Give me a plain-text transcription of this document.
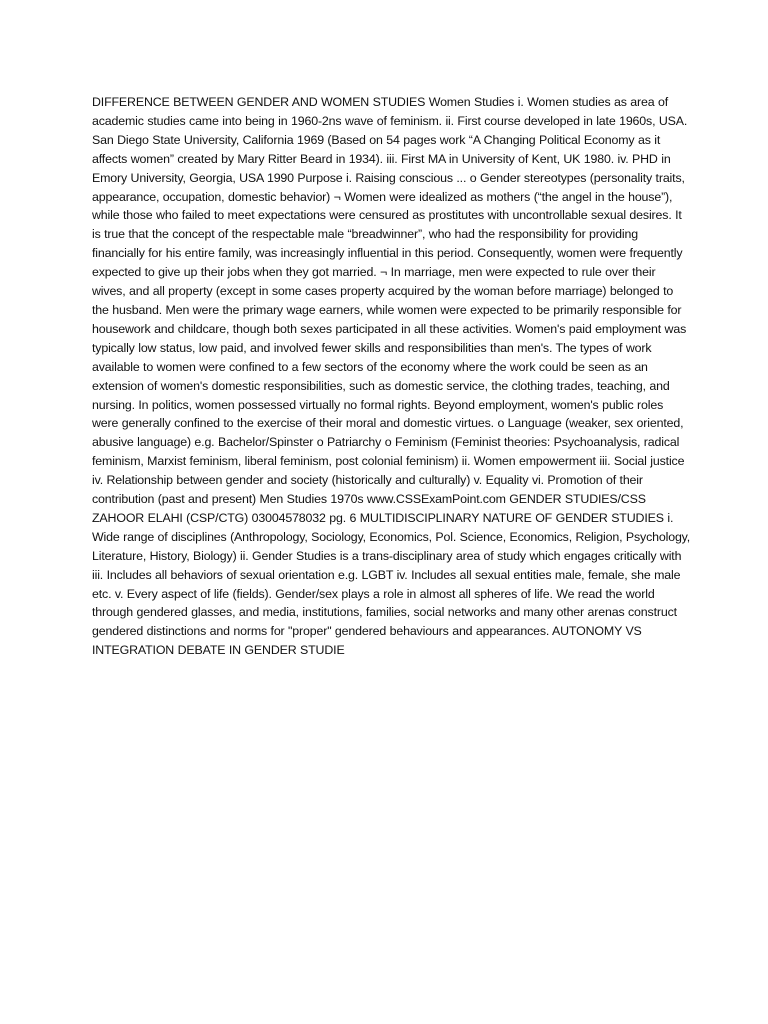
DIFFERENCE BETWEEN GENDER AND WOMEN STUDIES Women Studies i. Women studies as area of academic studies came into being in 1960-2ns wave of feminism. ii. First course developed in late 1960s, USA. San Diego State University, California 1969 (Based on 54 pages work “A Changing Political Economy as it affects women” created by Mary Ritter Beard in 1934). iii. First MA in University of Kent, UK 1980. iv. PHD in Emory University, Georgia, USA 1990 Purpose i. Raising conscious ... o Gender stereotypes (personality traits, appearance, occupation, domestic behavior) ¬ Women were idealized as mothers (“the angel in the house”), while those who failed to meet expectations were censured as prostitutes with uncontrollable sexual desires. It is true that the concept of the respectable male “breadwinner”, who had the responsibility for providing financially for his entire family, was increasingly influential in this period. Consequently, women were frequently expected to give up their jobs when they got married. ¬ In marriage, men were expected to rule over their wives, and all property (except in some cases property acquired by the woman before marriage) belonged to the husband. Men were the primary wage earners, while women were expected to be primarily responsible for housework and childcare, though both sexes participated in all these activities. Women's paid employment was typically low status, low paid, and involved fewer skills and responsibilities than men's. The types of work available to women were confined to a few sectors of the economy where the work could be seen as an extension of women's domestic responsibilities, such as domestic service, the clothing trades, teaching, and nursing. In politics, women possessed virtually no formal rights. Beyond employment, women's public roles were generally confined to the exercise of their moral and domestic virtues. o Language (weaker, sex oriented, abusive language) e.g. Bachelor/Spinster o Patriarchy o Feminism (Feminist theories: Psychoanalysis, radical feminism, Marxist feminism, liberal feminism, post colonial feminism) ii. Women empowerment iii. Social justice iv. Relationship between gender and society (historically and culturally) v. Equality vi. Promotion of their contribution (past and present) Men Studies 1970s www.CSSExamPoint.com GENDER STUDIES/CSS ZAHOOR ELAHI (CSP/CTG) 03004578032 pg. 6 MULTIDISCIPLINARY NATURE OF GENDER STUDIES i. Wide range of disciplines (Anthropology, Sociology, Economics, Pol. Science, Economics, Religion, Psychology, Literature, History, Biology) ii. Gender Studies is a trans-disciplinary area of study which engages critically with iii. Includes all behaviors of sexual orientation e.g. LGBT iv. Includes all sexual entities male, female, she male etc. v. Every aspect of life (fields). Gender/sex plays a role in almost all spheres of life. We read the world through gendered glasses, and media, institutions, families, social networks and many other arenas construct gendered distinctions and norms for "proper" gendered behaviours and appearances. AUTONOMY VS INTEGRATION DEBATE IN GENDER STUDIE
